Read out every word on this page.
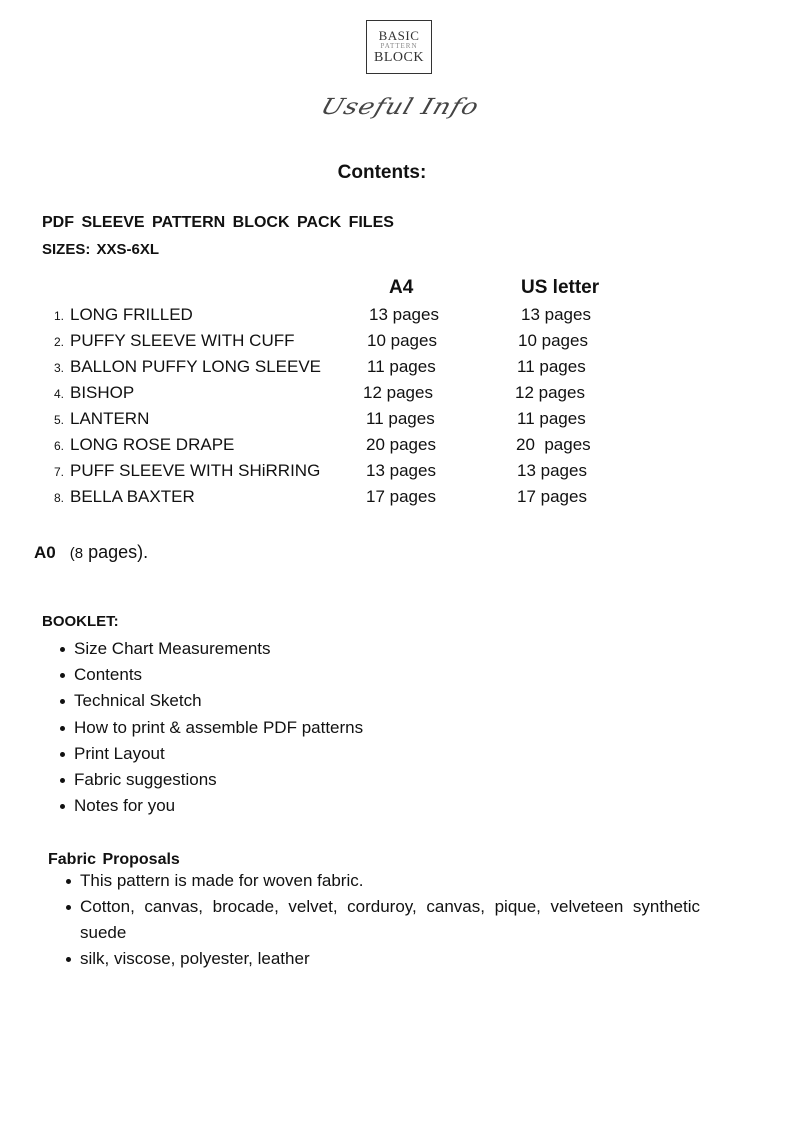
BASIC
PATTERN
BLOCK
Useful Info
Contents:
PDF SLEEVE PATTERN BLOCK PACK FILES
SIZES: XXS-6XL
A4	US letter
1. LONG FRILLED	13 pages	13 pages
2. PUFFY SLEEVE WITH CUFF	10 pages	10 pages
3. BALLON PUFFY LONG SLEEVE	11 pages	11 pages
4. BISHOP	12 pages	12 pages
5. LANTERN	11 pages	11 pages
6. LONG ROSE DRAPE	20 pages	20  pages
7. PUFF SLEEVE WITH SHiRRING	13 pages	13 pages
8. BELLA BAXTER	17 pages	17 pages
A0 (8 pages).
BOOKLET:
Size Chart Measurements
Contents
Technical Sketch
How to print & assemble PDF patterns
Print Layout
Fabric suggestions
Notes for you
Fabric Proposals
This pattern is made for woven fabric.
Cotton, canvas, brocade, velvet, corduroy, canvas, pique, velveteen synthetic suede
silk, viscose, polyester, leather
